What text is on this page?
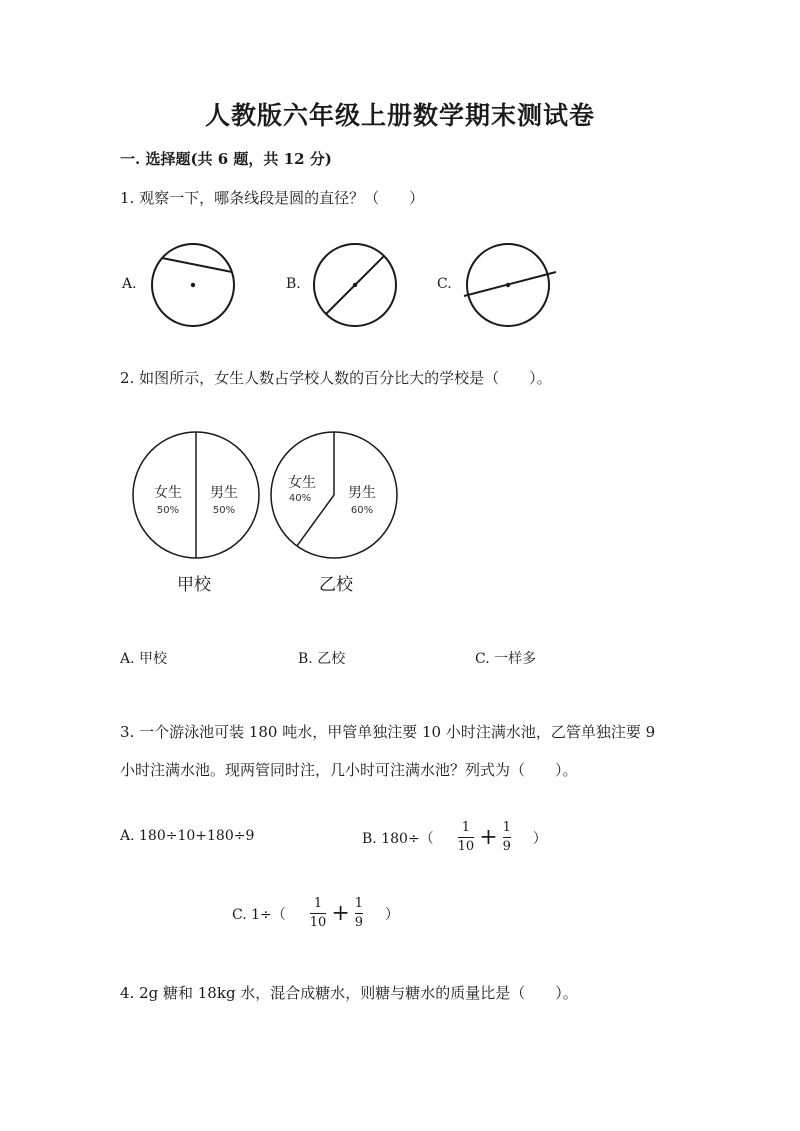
人教版六年级上册数学期末测试卷
一. 选择题(共 6 题，共 12 分)
1. 观察一下，哪条线段是圆的直径？（　　）
A.	B.	C.
2. 如图所示，女生人数占学校人数的百分比大的学校是（　　）。
女生
50%
男生
50%
甲校
女生
40%	男生
60%
乙校
A. 甲校	B. 乙校	C. 一样多
3. 一个游泳池可装 180 吨水，甲管单独注要 10 小时注满水池，乙管单独注要 9
小时注满水池。现两管同时注，几小时可注满水池？列式为（　　）。
A. 180÷10+180÷9	B. $180\div( \frac{1}{10} + \frac{1}{9}$ ）
C. $1\div( \frac{1}{10} + \frac{1}{9}$ ）
4. 2g 糖和 18kg 水，混合成糖水，则糖与糖水的质量比是（　　）。
